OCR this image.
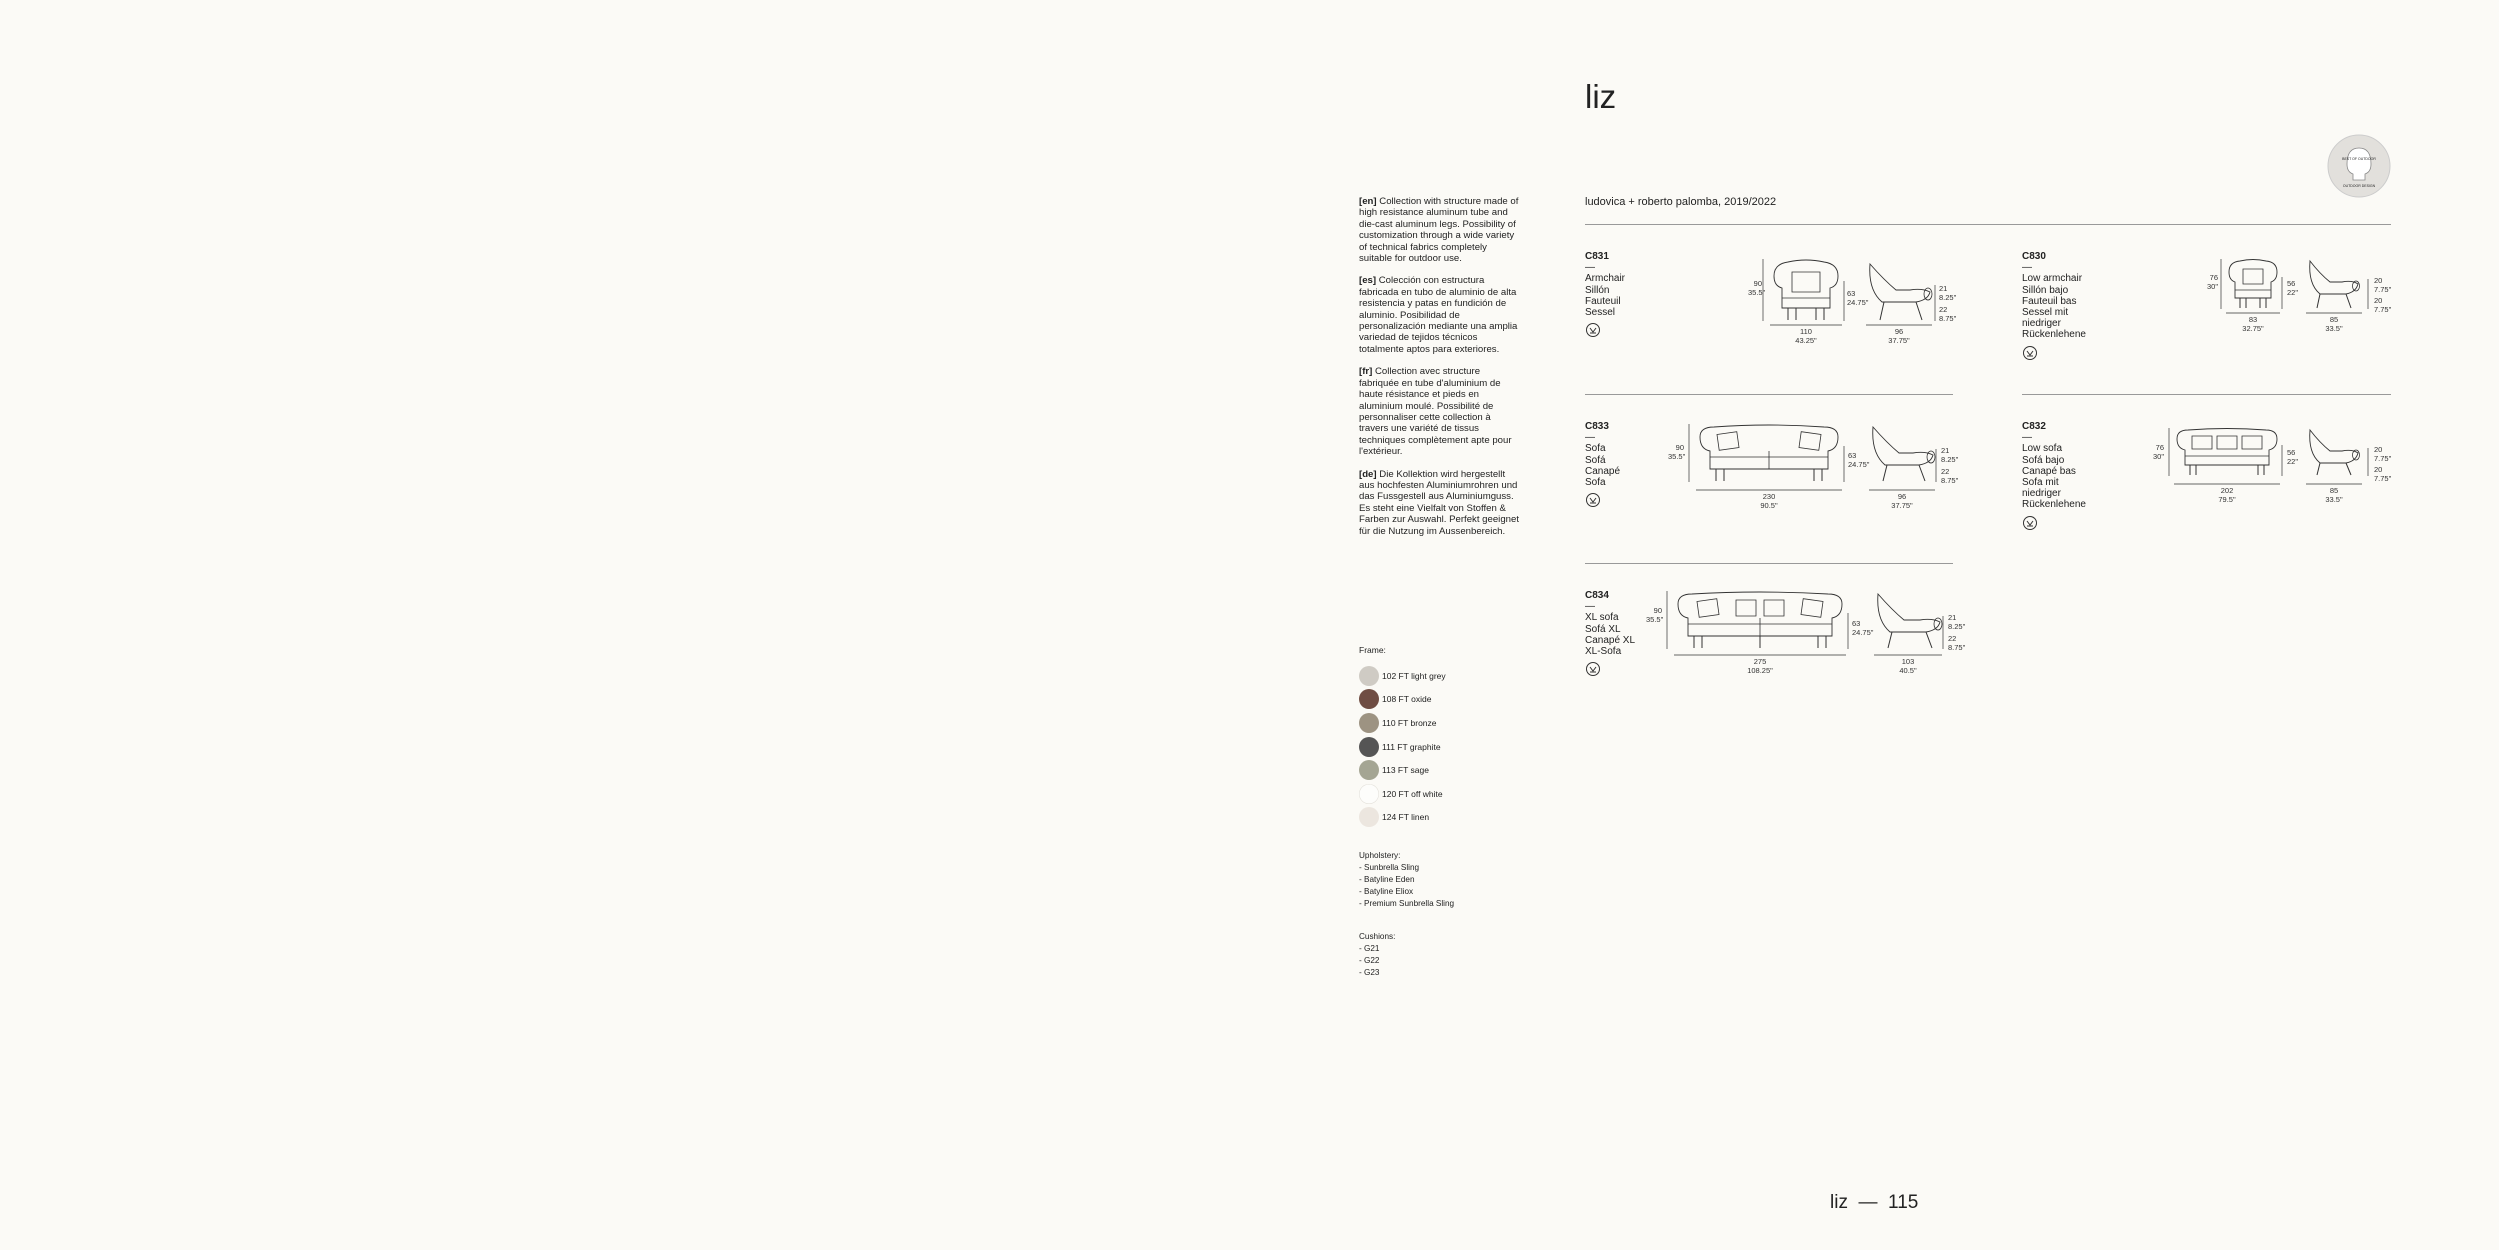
[en] Collection with structure made of high resistance aluminum tube and die-cast aluminum legs. Possibility of customization through a wide variety of technical fabrics completely suitable for outdoor use.

[es] Colección con estructura fabricada en tubo de aluminio de alta resistencia y patas en fundición de aluminio. Posibilidad de personalización mediante una amplia variedad de tejidos técnicos totalmente aptos para exteriores.

[fr] Collection avec structure fabriquée en tube d'aluminium de haute résistance et pieds en aluminium moulé. Possibilité de personnaliser cette collection à travers une variété de tissus techniques complètement apte pour l'extérieur.

[de] Die Kollektion wird hergestellt aus hochfesten Aluminiumrohren und das Fussgestell aus Aluminiumguss. Es steht eine Vielfalt von Stoffen & Farben zur Auswahl. Perfekt geeignet für die Nutzung im Aussenbereich.

Frame:
102 FT light grey
108 FT oxide
110 FT bronze
111 FT graphite
113 FT sage
120 FT off white
124 FT linen
Upholstery:
- Sunbrella Sling
- Batyline Eden
- Batyline Eliox
- Premium Sunbrella Sling
Cushions:
- G21
- G22
- G23
liz
ludovica + roberto palomba, 2019/2022
BEST OF OUTDOOR
OUTDOOR DESIGN
C831
—
Armchair
Sillón
Fauteuil
Sessel
90
35.5"	63
24.75"
110
43.25"
21
8.25"
22
8.75"
96
37.75"
C830
—
Low armchair
Sillón bajo
Fauteuil bas
Sessel mit
niedriger
Rückenlehene
76
30"	56
22"
83
32.75"
20
7.75"
20
7.75"
85
33.5"
C833
—
Sofa
Sofá
Canapé
Sofa
90
35.5"	63
24.75"
230
90.5"
21
8.25"
22
8.75"
96
37.75"
C832
—
Low sofa
Sofá bajo
Canapé bas
Sofa mit
niedriger
Rückenlehene
76
30"	56
22"
202
79.5"
20
7.75"
20
7.75"
85
33.5"
C834
—
XL sofa
Sofá XL
Canapé XL
XL-Sofa
90
35.5"	63
24.75"
275
108.25"
21
8.25"
22
8.75"
103
40.5"
liz  —  115
